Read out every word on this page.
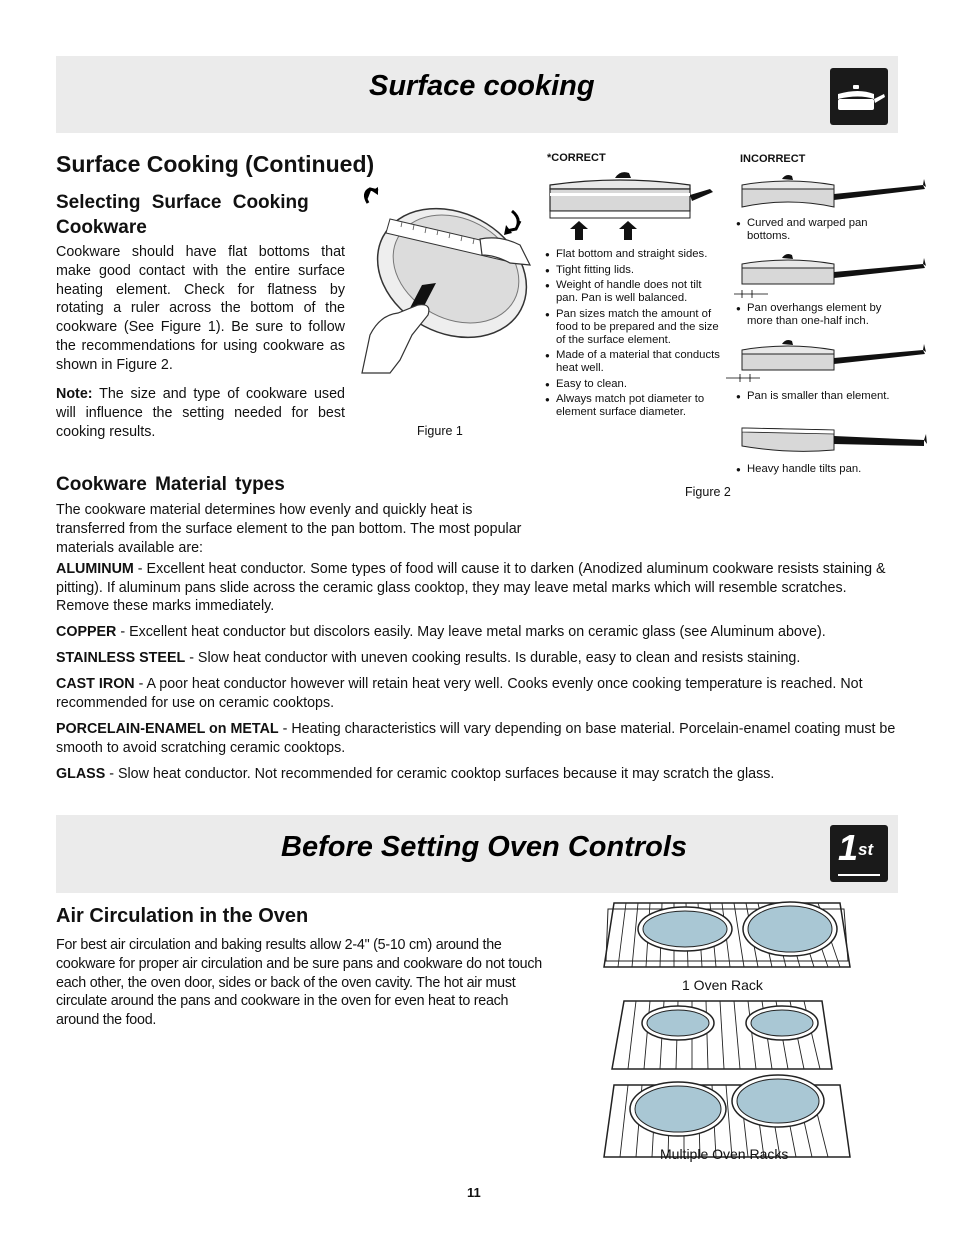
Surface cooking
Surface Cooking (Continued)
Selecting Surface Cooking Cookware
Cookware should have flat bottoms that make good contact with the entire surface heating element. Check for flatness by rotating a ruler across the bottom of the cookware (See Figure 1). Be sure to follow the recommendations for using cookware as shown in Figure 2.
Note: The size and type of cookware used will influence the setting needed for best cooking results.	Figure 1
*CORRECT	INCORRECT
● Flat bottom and straight sides.
● Tight fitting lids.
● Weight of handle does not tilt pan. Pan is well balanced.
● Pan sizes match the amount of food to be prepared and the size of the surface element.
● Made of a material that conducts heat well.
● Easy to clean.
● Always match pot diameter to element surface diameter.
● Curved and warped pan bottoms.
● Pan overhangs element by more than one-half inch.
● Pan is smaller than element.
● Heavy handle tilts pan.
Figure 2
Cookware Material types
The cookware material determines how evenly and quickly heat is transferred from the surface element to the pan bottom. The most popular materials available are:
ALUMINUM - Excellent heat conductor. Some types of food will cause it to darken (Anodized aluminum cookware resists staining & pitting). If aluminum pans slide across the ceramic glass cooktop, they may leave metal marks which will resemble scratches. Remove these marks immediately.
COPPER - Excellent heat conductor but discolors easily. May leave metal marks on ceramic glass (see Aluminum above).
STAINLESS STEEL - Slow heat conductor with uneven cooking results. Is durable, easy to clean and resists staining.
CAST IRON - A poor heat conductor however will retain heat very well. Cooks evenly once cooking temperature is reached. Not recommended for use on ceramic cooktops.
PORCELAIN-ENAMEL on METAL - Heating characteristics will vary depending on base material. Porcelain-enamel coating must be smooth to avoid scratching ceramic cooktops.
GLASS - Slow heat conductor. Not recommended for ceramic cooktop surfaces because it may scratch the glass.
Before Setting Oven Controls	1st
Air Circulation in the Oven
For best air circulation and baking results allow 2-4" (5-10 cm) around the cookware for proper air circulation and be sure pans and cookware do not touch each other, the oven door, sides or back of the oven cavity. The hot air must circulate around the pans and cookware in the oven for even heat to reach around the food.
1 Oven Rack
Multiple Oven Racks
11
